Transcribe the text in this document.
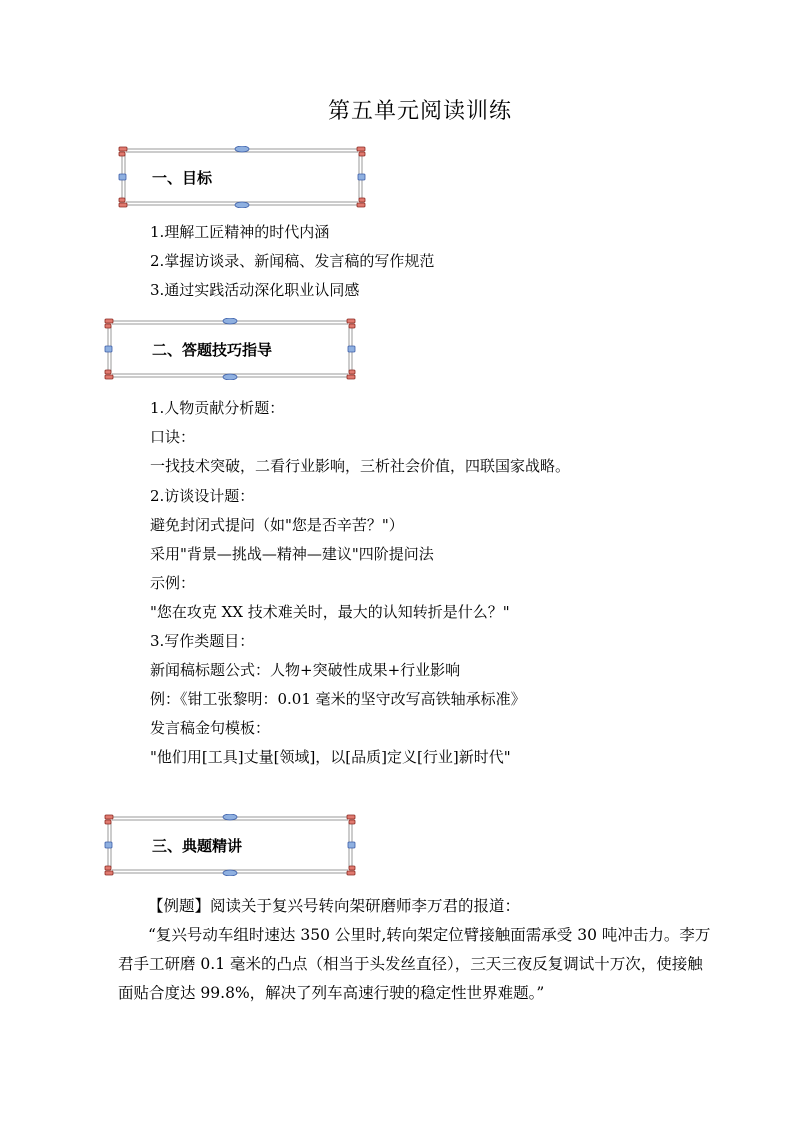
第五单元阅读训练
一、目标
1.理解工匠精神的时代内涵
2.掌握访谈录、新闻稿、发言稿的写作规范
3.通过实践活动深化职业认同感
二、答题技巧指导
1.人物贡献分析题：
口诀：
一找技术突破，二看行业影响，三析社会价值，四联国家战略。
2.访谈设计题：
避免封闭式提问（如"您是否辛苦？"）
采用"背景—挑战—精神—建议"四阶提问法
示例：
"您在攻克 XX 技术难关时，最大的认知转折是什么？"
3.写作类题目：
新闻稿标题公式：人物+突破性成果+行业影响
例：《钳工张黎明：0.01 毫米的坚守改写高铁轴承标准》
发言稿金句模板：
"他们用[工具]丈量[领域]，以[品质]定义[行业]新时代"
三、典题精讲

【例题】阅读关于复兴号转向架研磨师李万君的报道：

“复兴号动车组时速达 350 公里时,转向架定位臂接触面需承受 30 吨冲击力。李万君手工研磨 0.1 毫米的凸点（相当于头发丝直径），三天三夜反复调试十万次，使接触面贴合度达 99.8%，解决了列车高速行驶的稳定性世界难题。”
